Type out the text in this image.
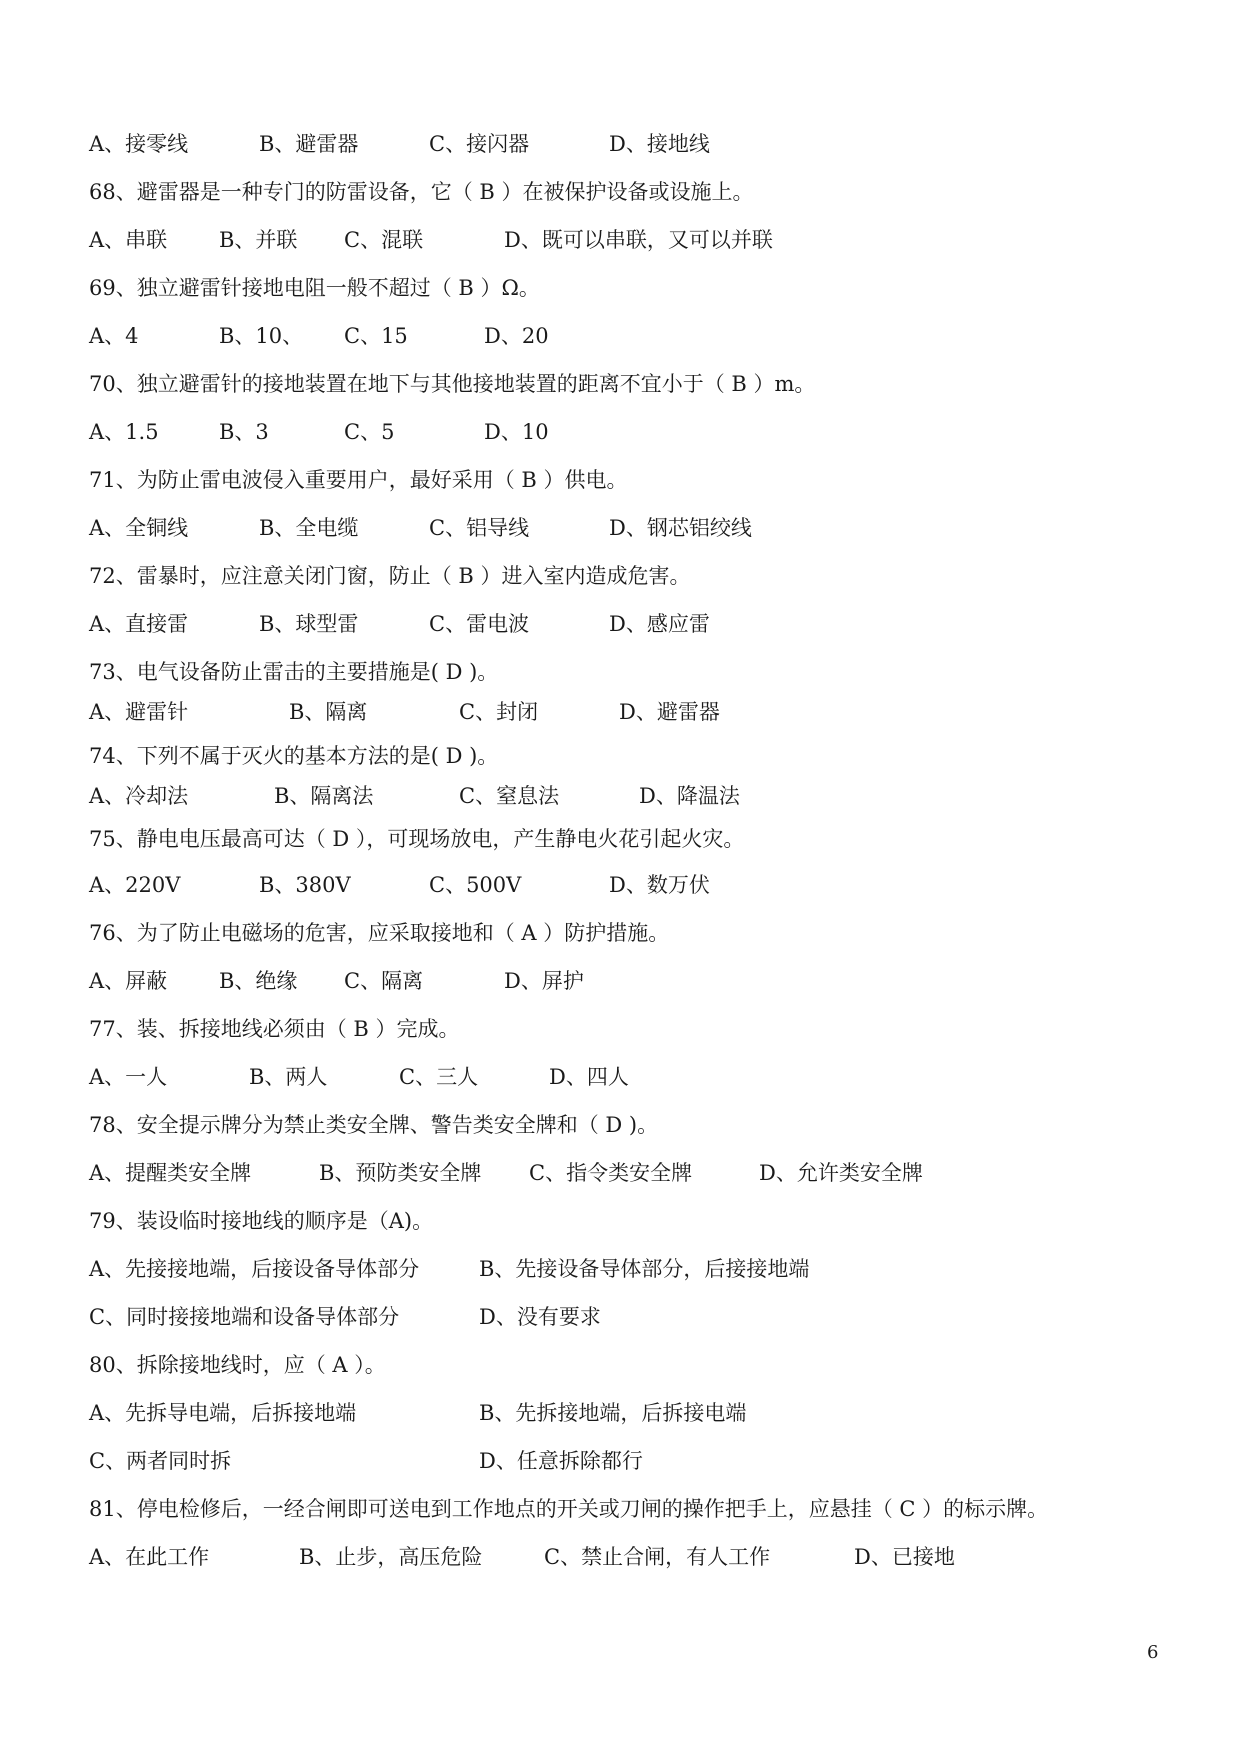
A、接零线	B、避雷器	C、接闪器	D、接地线
68、避雷器是一种专门的防雷设备，它（ B ）在被保护设备或设施上。
A、串联 B、并联 C、混联	D、既可以串联，又可以并联
69、独立避雷针接地电阻一般不超过（ B ）Ω。
A、4	B、10、 C、15	D、20
70、独立避雷针的接地装置在地下与其他接地装置的距离不宜小于（ B ）m。
A、1.5	B、3	C、5	D、10
71、为防止雷电波侵入重要用户，最好采用（ B ）供电。
A、全铜线	B、全电缆	C、铝导线	D、钢芯铝绞线
72、雷暴时，应注意关闭门窗，防止（ B ）进入室内造成危害。
A、直接雷	B、球型雷	C、雷电波	D、感应雷
73、电气设备防止雷击的主要措施是( D )。
A、避雷针	B、隔离	C、封闭	D、避雷器
74、下列不属于灭火的基本方法的是( D )。
A、冷却法	B、隔离法	C、窒息法	D、降温法
75、静电电压最高可达（ D ），可现场放电，产生静电火花引起火灾。
A、220V	B、380V	C、500V	D、数万伏
76、为了防止电磁场的危害，应采取接地和（ A ）防护措施。
A、屏蔽 B、绝缘 C、隔离	D、屏护
77、装、拆接地线必须由（ B ）完成。
A、一人	B、两人	C、三人	D、四人
78、安全提示牌分为禁止类安全牌、警告类安全牌和（ D )。
A、提醒类安全牌	B、预防类安全牌 C、指令类安全牌	D、允许类安全牌
79、装设临时接地线的顺序是（A)。
A、先接接地端，后接设备导体部分	B、先接设备导体部分，后接接地端
C、同时接接地端和设备导体部分	D、没有要求
80、拆除接地线时，应（ A ）。
A、先拆导电端，后拆接地端	B、先拆接地端，后拆接电端
C、两者同时拆	D、任意拆除都行
81、停电检修后，一经合闸即可送电到工作地点的开关或刀闸的操作把手上，应悬挂（ C ）的标示牌。
A、在此工作	B、止步，高压危险	C、禁止合闸，有人工作	D、已接地
6
